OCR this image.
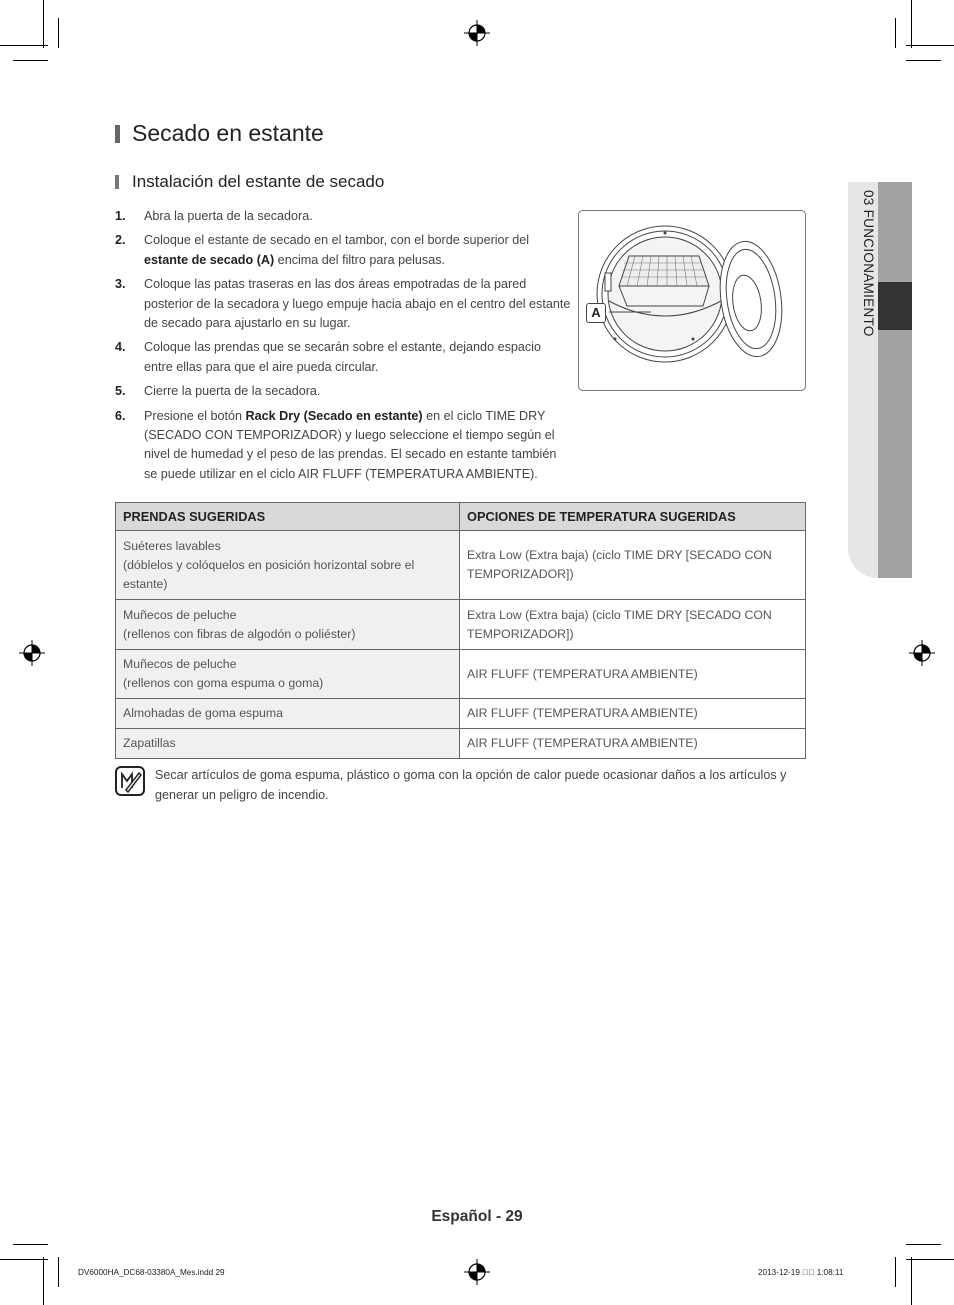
03 FUNCIONAMIENTO
Secado en estante
Instalación del estante de secado
1.	Abra la puerta de la secadora.
2.	Coloque el estante de secado en el tambor, con el borde superior del estante de secado (A) encima del filtro para pelusas.
3.	Coloque las patas traseras en las dos áreas empotradas de la pared posterior de la secadora y luego empuje hacia abajo en el centro del estante de secado para ajustarlo en su lugar.
4.	Coloque las prendas que se secarán sobre el estante, dejando espacio entre ellas para que el aire pueda circular.
5.	Cierre la puerta de la secadora.
6.	Presione el botón Rack Dry (Secado en estante) en el ciclo TIME DRY (SECADO CON TEMPORIZADOR) y luego seleccione el tiempo según el nivel de humedad y el peso de las prendas. El secado en estante también se puede utilizar en el ciclo AIR FLUFF (TEMPERATURA AMBIENTE).
A
PRENDAS SUGERIDAS	OPCIONES DE TEMPERATURA SUGERIDAS

Suéteres lavables
(dóblelos y colóquelos en posición horizontal sobre el estante)	Extra Low (Extra baja) (ciclo TIME DRY [SECADO CON TEMPORIZADOR])

Muñecos de peluche
(rellenos con fibras de algodón o poliéster)	Extra Low (Extra baja) (ciclo TIME DRY [SECADO CON TEMPORIZADOR])

Muñecos de peluche
(rellenos con goma espuma o goma)	AIR FLUFF (TEMPERATURA AMBIENTE)

Almohadas de goma espuma	AIR FLUFF (TEMPERATURA AMBIENTE)

Zapatillas	AIR FLUFF (TEMPERATURA AMBIENTE)
Secar artículos de goma espuma, plástico o goma con la opción de calor puede ocasionar daños a los artículos y generar un peligro de incendio.
Español - 29
DV6000HA_DC68-03380A_Mes.indd 29	2013-12-19 ￿￿ 1:08:11
